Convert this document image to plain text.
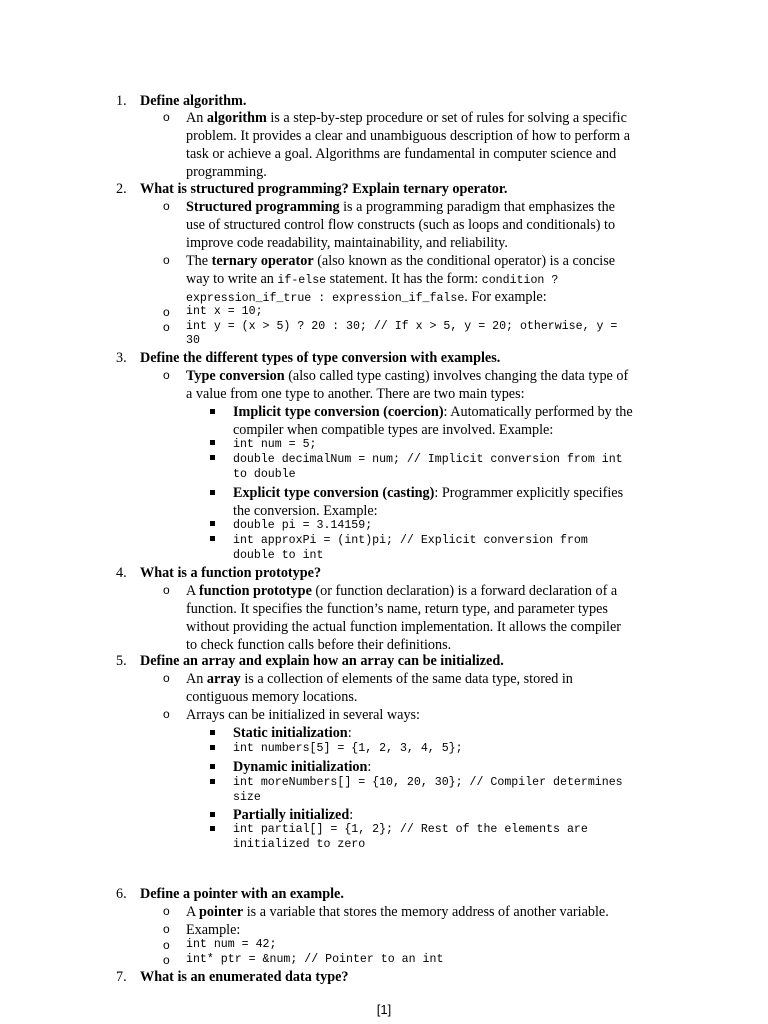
1. Define algorithm.
o An algorithm is a step-by-step procedure or set of rules for solving a specific
problem. It provides a clear and unambiguous description of how to perform a
task or achieve a goal. Algorithms are fundamental in computer science and
programming.
2. What is structured programming? Explain ternary operator.
o Structured programming is a programming paradigm that emphasizes the
use of structured control flow constructs (such as loops and conditionals) to
improve code readability, maintainability, and reliability.
o The ternary operator (also known as the conditional operator) is a concise
way to write an if-else statement. It has the form: condition ?
expression_if_true : expression_if_false. For example:
o int x = 10;
o int y = (x > 5) ? 20 : 30; // If x > 5, y = 20; otherwise, y =
30
3. Define the different types of type conversion with examples.
o Type conversion (also called type casting) involves changing the data type of
a value from one type to another. There are two main types:
Implicit type conversion (coercion): Automatically performed by the
compiler when compatible types are involved. Example:
int num = 5;
double decimalNum = num; // Implicit conversion from int
to double
Explicit type conversion (casting): Programmer explicitly specifies
the conversion. Example:
double pi = 3.14159;
int approxPi = (int)pi; // Explicit conversion from
double to int
4. What is a function prototype?
o A function prototype (or function declaration) is a forward declaration of a
function. It specifies the function’s name, return type, and parameter types
without providing the actual function implementation. It allows the compiler
to check function calls before their definitions.
5. Define an array and explain how an array can be initialized.
o An array is a collection of elements of the same data type, stored in
contiguous memory locations.
o Arrays can be initialized in several ways:
Static initialization:
int numbers[5] = {1, 2, 3, 4, 5};
Dynamic initialization:
int moreNumbers[] = {10, 20, 30}; // Compiler determines
size
Partially initialized:
int partial[] = {1, 2}; // Rest of the elements are
initialized to zero
6. Define a pointer with an example.
o A pointer is a variable that stores the memory address of another variable.
o Example:
o int num = 42;
o int* ptr = &num; // Pointer to an int
7. What is an enumerated data type?
[1]
